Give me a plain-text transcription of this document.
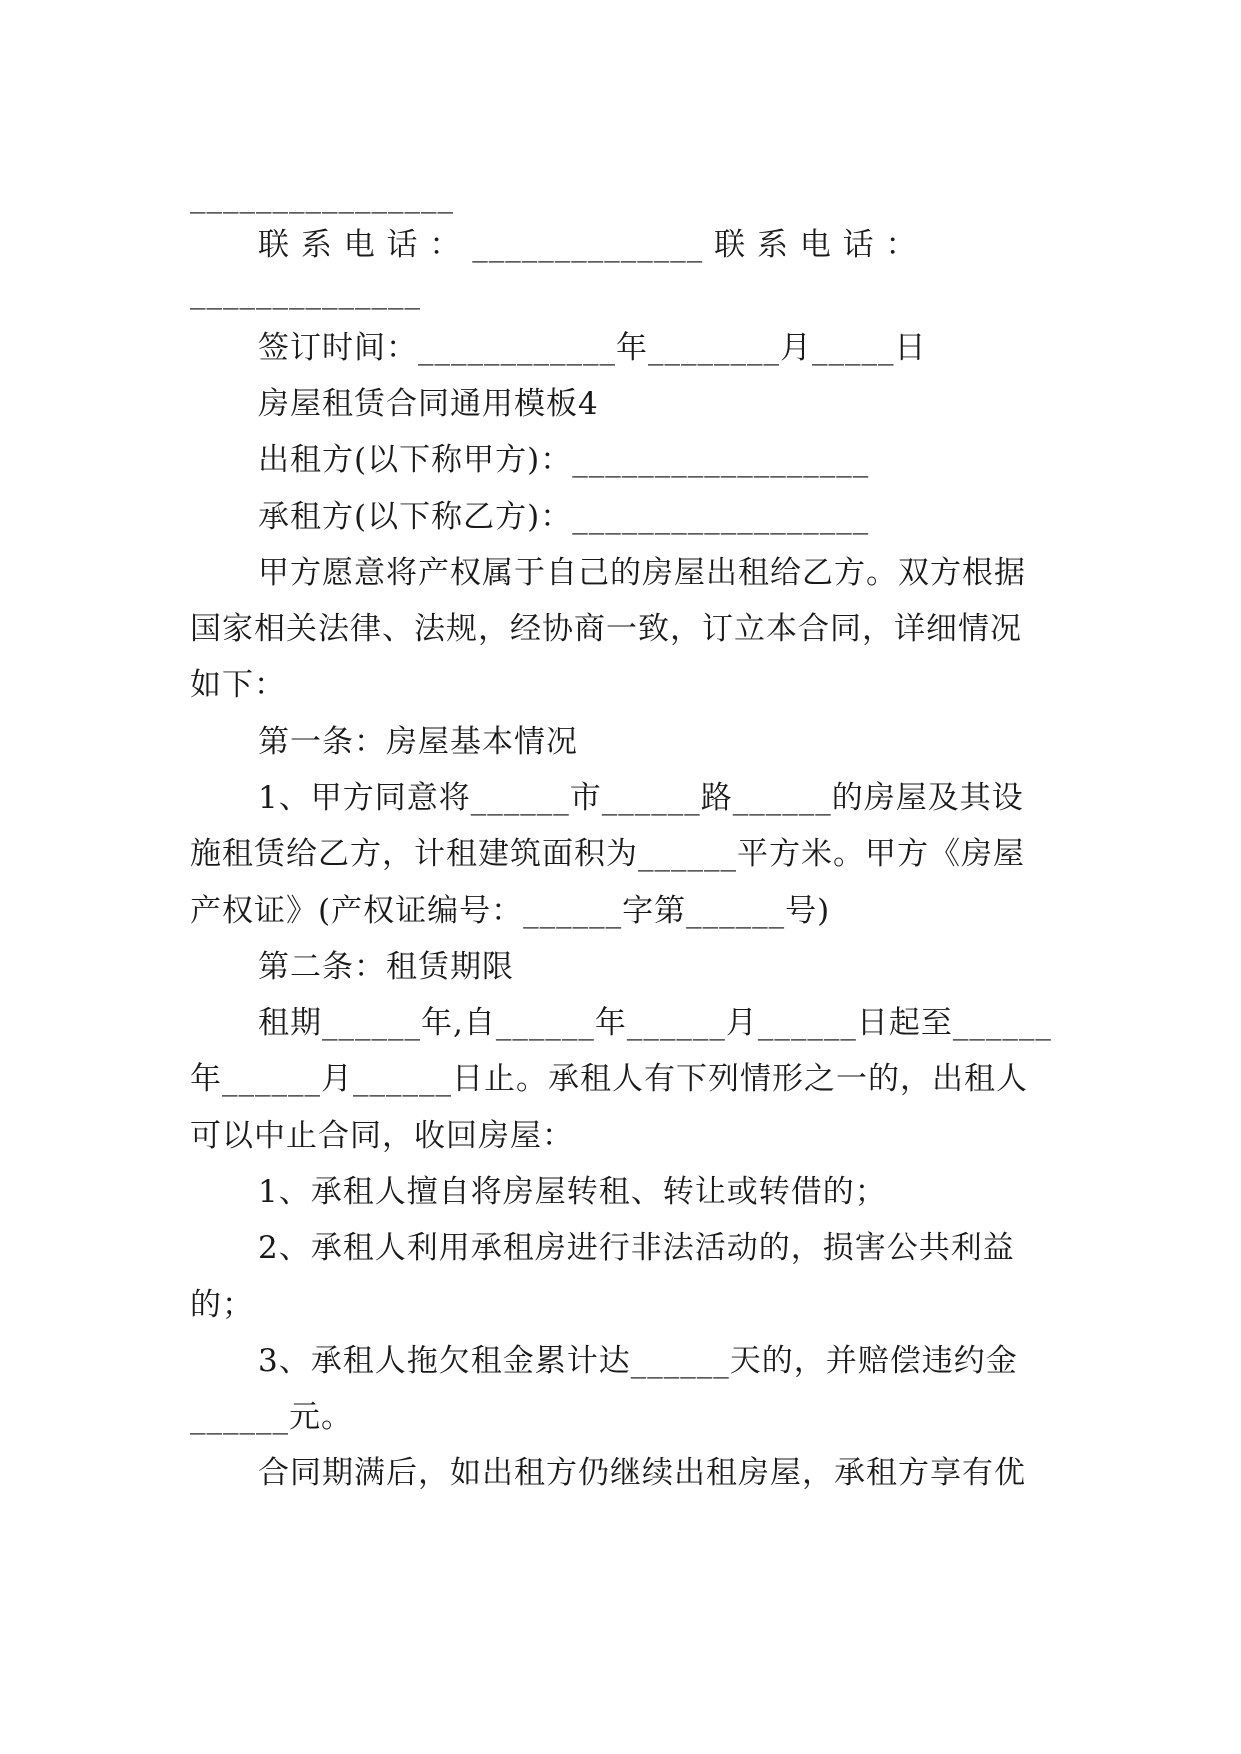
________________
联 系 电 话 ： ______________ 联 系 电 话 ：
______________
签订时间：____________年________月_____日
房屋租赁合同通用模板4
出租方(以下称甲方)：__________________
承租方(以下称乙方)：__________________
甲方愿意将产权属于自己的房屋出租给乙方。双方根据
国家相关法律、法规，经协商一致，订立本合同，详细情况
如下：
第一条：房屋基本情况
1、甲方同意将______市______路______的房屋及其设
施租赁给乙方，计租建筑面积为______平方米。甲方《房屋
产权证》(产权证编号：______字第______号)
第二条：租赁期限
租期______年,自______年______月______日起至______
年______月______日止。承租人有下列情形之一的，出租人
可以中止合同，收回房屋：
1、承租人擅自将房屋转租、转让或转借的；
2、承租人利用承租房进行非法活动的，损害公共利益
的；
3、承租人拖欠租金累计达______天的，并赔偿违约金
______元。
合同期满后，如出租方仍继续出租房屋，承租方享有优
